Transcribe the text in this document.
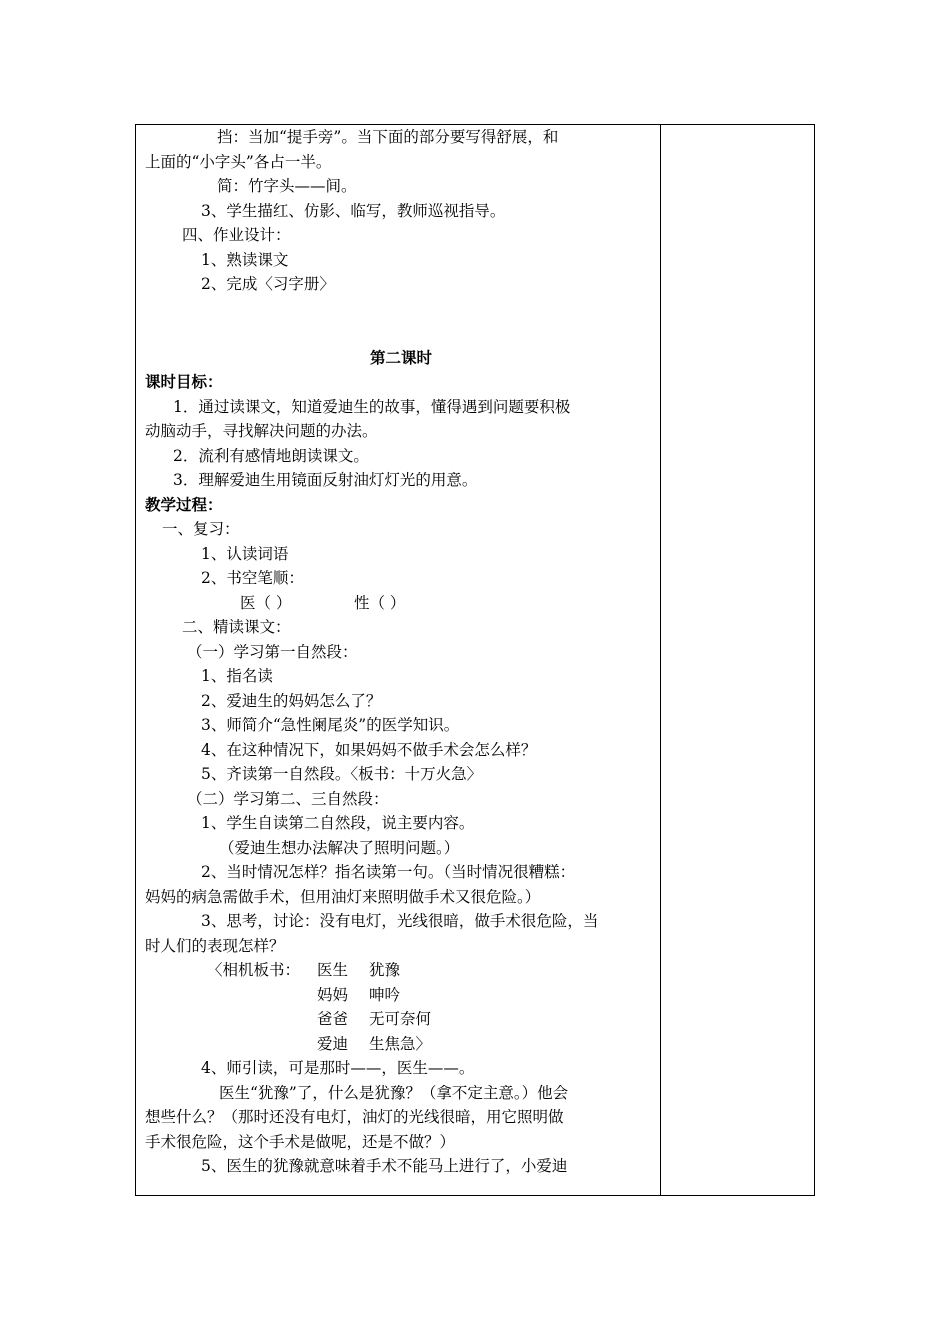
挡：当加“提手旁”。当下面的部分要写得舒展，和
上面的“小字头”各占一半。
简：竹字头——间。
3、学生描红、仿影、临写，教师巡视指导。
四、作业设计：
1、熟读课文
2、完成〈习字册〉
第二课时
课时目标：
1．通过读课文，知道爱迪生的故事，懂得遇到问题要积极
动脑动手，寻找解决问题的办法。
2．流利有感情地朗读课文。
3．理解爱迪生用镜面反射油灯灯光的用意。
教学过程：
一、复习：
1、认读词语
2、书空笔顺：
医（ ）	性（ ）
二、精读课文：
（一）学习第一自然段：
1、指名读
2、爱迪生的妈妈怎么了？
3、师简介“急性阑尾炎”的医学知识。
4、在这种情况下，如果妈妈不做手术会怎么样？
5、齐读第一自然段。〈板书：十万火急〉
（二）学习第二、三自然段：
1、学生自读第二自然段，说主要内容。
（爱迪生想办法解决了照明问题。）
2、当时情况怎样？指名读第一句。（当时情况很糟糕：
妈妈的病急需做手术，但用油灯来照明做手术又很危险。）
3、思考，讨论：没有电灯，光线很暗，做手术很危险，当
时人们的表现怎样？
〈相机板书： 医生 犹豫
妈妈 呻吟
爸爸 无可奈何
爱迪 生焦急〉
4、师引读，可是那时——，医生——。
医生“犹豫”了，什么是犹豫？（拿不定主意。）他会
想些什么？（那时还没有电灯，油灯的光线很暗，用它照明做
手术很危险，这个手术是做呢，还是不做？）
5、医生的犹豫就意味着手术不能马上进行了，小爱迪
